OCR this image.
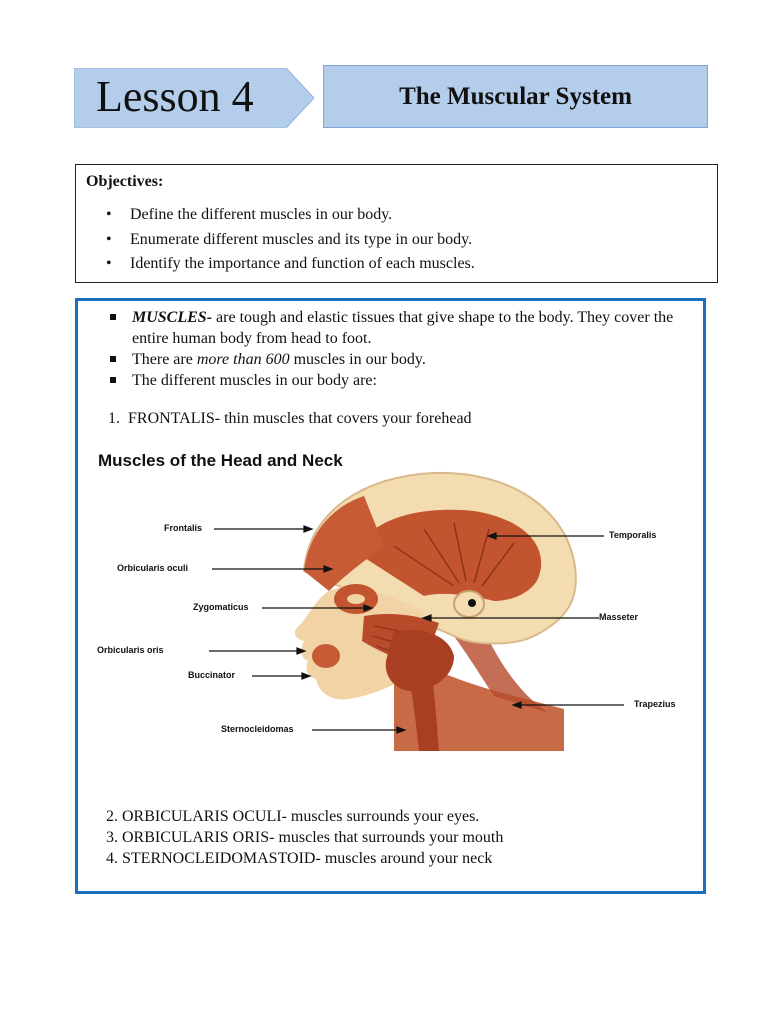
Lesson 4	The Muscular System
Objectives:
• Define the different muscles in our body.
• Enumerate different muscles and its type in our body.
• Identify the importance and function of each muscles.
MUSCLES- are tough and elastic tissues that give shape to the body. They cover the entire human body from head to foot.
There are more than 600 muscles in our body.
The different muscles in our body are:
1.  FRONTALIS- thin muscles that covers your forehead
Muscles of the Head and Neck
Frontalis
Orbicularis oculi
Zygomaticus
Orbicularis oris
Buccinator
Sternocleidomas
Temporalis
Masseter
Trapezius
2. ORBICULARIS OCULI- muscles surrounds your eyes.
3. ORBICULARIS ORIS- muscles that surrounds your mouth
4. STERNOCLEIDOMASTOID- muscles around your neck
